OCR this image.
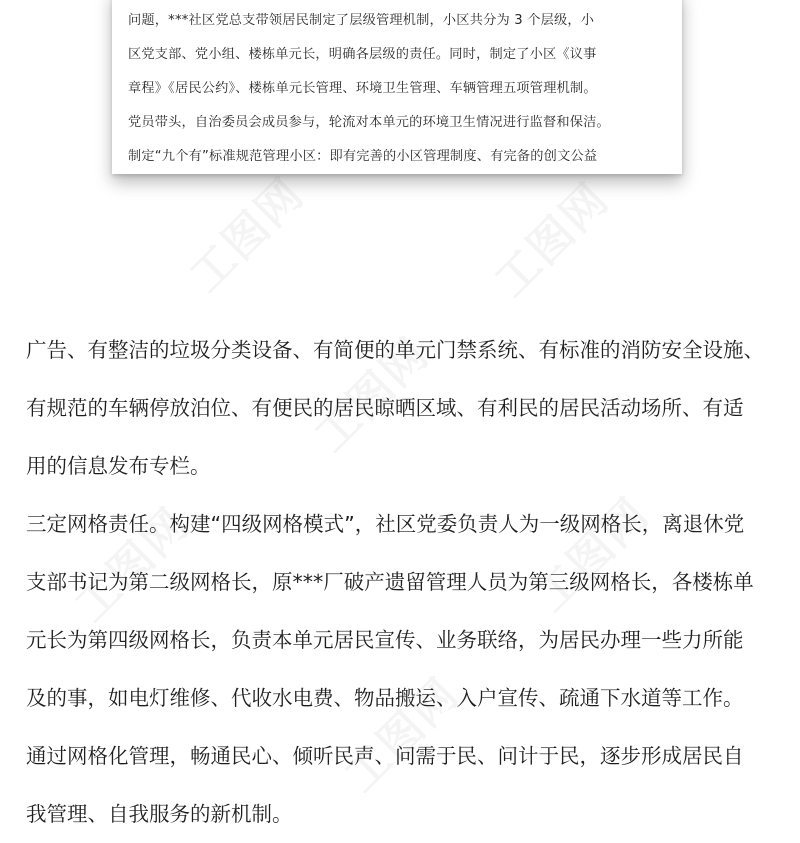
问题，***社区党总支带领居民制定了层级管理机制，小区共分为 3 个层级，小
区党支部、党小组、楼栋单元长，明确各层级的责任。同时，制定了小区《议事
章程》《居民公约》、楼栋单元长管理、环境卫生管理、车辆管理五项管理机制。
党员带头，自治委员会成员参与，轮流对本单元的环境卫生情况进行监督和保洁。
制定“九个有”标准规范管理小区：即有完善的小区管理制度、有完备的创文公益
广告、有整洁的垃圾分类设备、有简便的单元门禁系统、有标准的消防安全设施、
有规范的车辆停放泊位、有便民的居民晾晒区域、有利民的居民活动场所、有适
用的信息发布专栏。
三定网格责任。构建“四级网格模式”，社区党委负责人为一级网格长，离退休党
支部书记为第二级网格长，原***厂破产遗留管理人员为第三级网格长，各楼栋单
元长为第四级网格长，负责本单元居民宣传、业务联络，为居民办理一些力所能
及的事，如电灯维修、代收水电费、物品搬运、入户宣传、疏通下水道等工作。
通过网格化管理，畅通民心、倾听民声、问需于民、问计于民，逐步形成居民自
我管理、自我服务的新机制。
